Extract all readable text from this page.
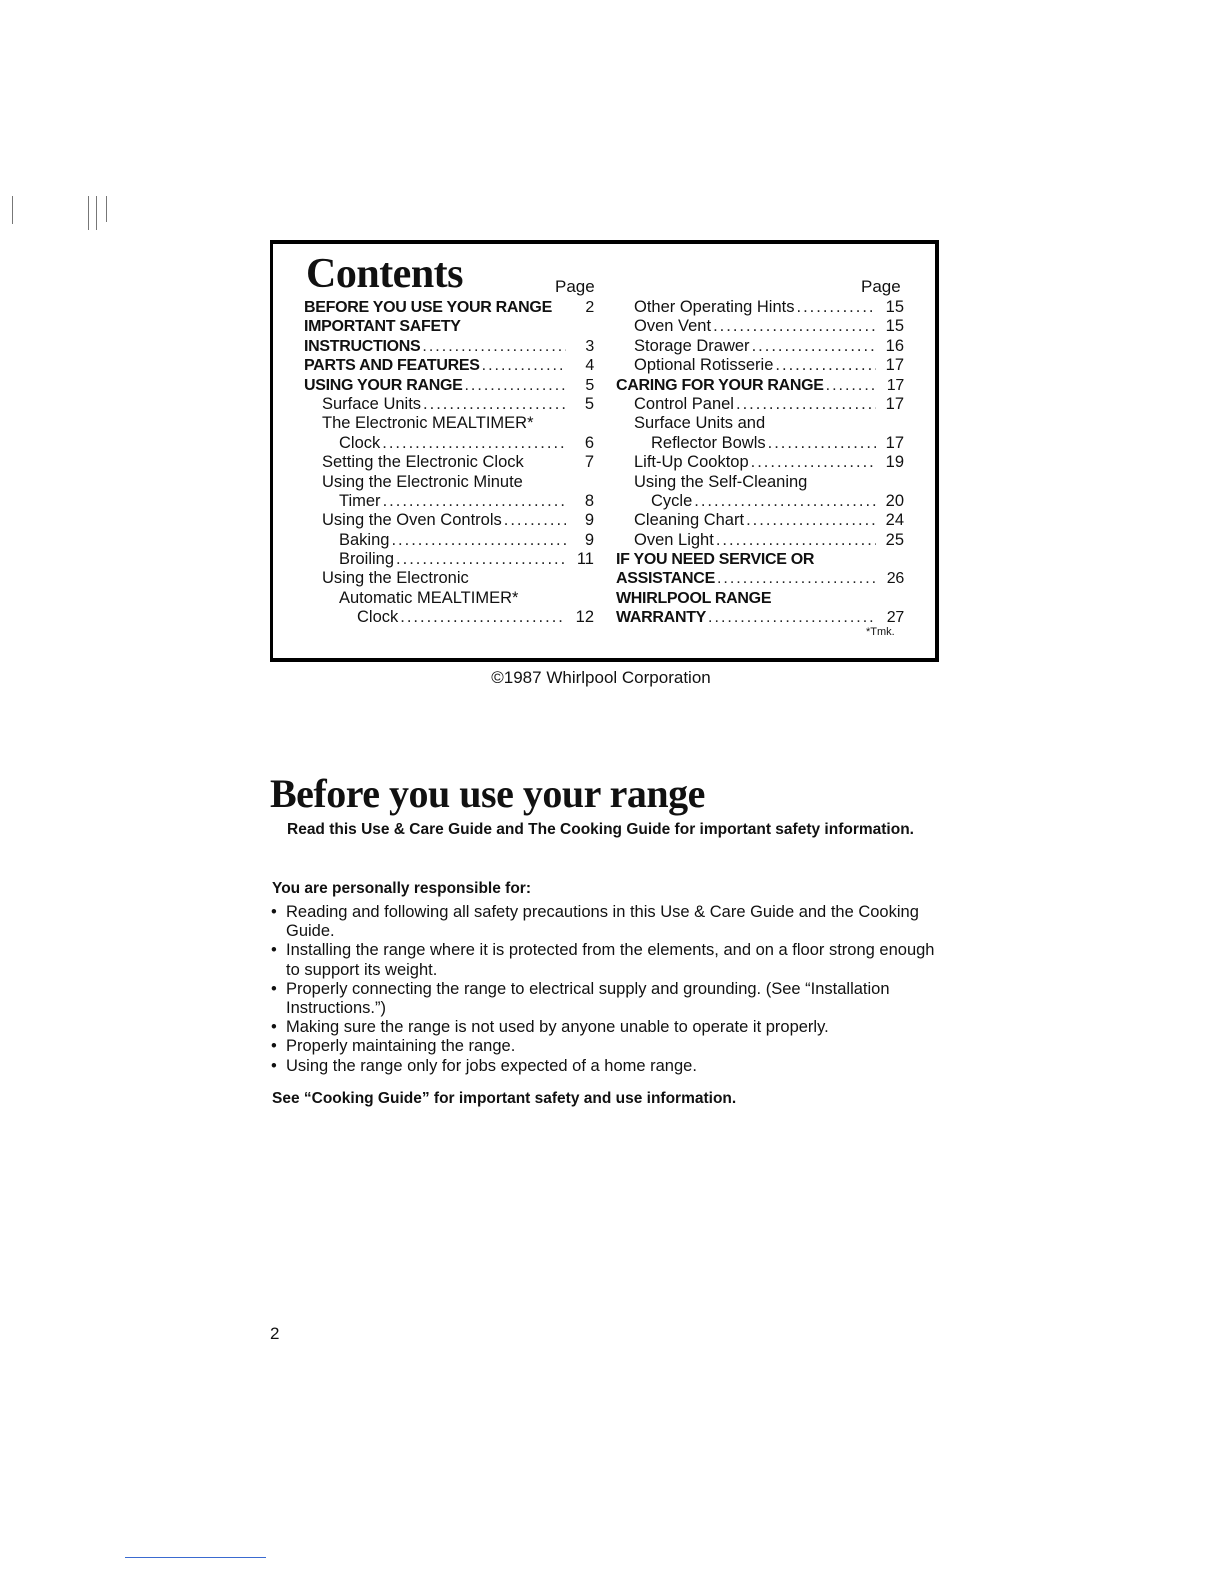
Contents	Page	Page
BEFORE YOU USE YOUR RANGE	2
IMPORTANT SAFETY
INSTRUCTIONS .....	3
PARTS AND FEATURES .....	4
USING YOUR RANGE .....	5
Surface Units .....	5
The Electronic MEALTIMER*
Clock .....	6
Setting the Electronic Clock	7
Using the Electronic Minute
Timer .....	8
Using the Oven Controls .....	9
Baking .....	9
Broiling .....	11
Using the Electronic
Automatic MEALTIMER*
Clock .....	12
Other Operating Hints .....	15
Oven Vent .....	15
Storage Drawer .....	16
Optional Rotisserie .....	17
CARING FOR YOUR RANGE .....	17
Control Panel .....	17
Surface Units and
Reflector Bowls .....	17
Lift-Up Cooktop .....	19
Using the Self-Cleaning
Cycle .....	20
Cleaning Chart .....	24
Oven Light .....	25
IF YOU NEED SERVICE OR
ASSISTANCE .....	26
WHIRLPOOL RANGE
WARRANTY .....	27
*Tmk.
©1987 Whirlpool Corporation
Before you use your range

Read this Use & Care Guide and The Cooking Guide for important safety information.

You are personally responsible for:

• Reading and following all safety precautions in this Use & Care Guide and the Cooking Guide.
• Installing the range where it is protected from the elements, and on a floor strong enough to support its weight.
• Properly connecting the range to electrical supply and grounding. (See “Installation Instructions.”)
• Making sure the range is not used by anyone unable to operate it properly.
• Properly maintaining the range.
• Using the range only for jobs expected of a home range.

See “Cooking Guide” for important safety and use information.

2
